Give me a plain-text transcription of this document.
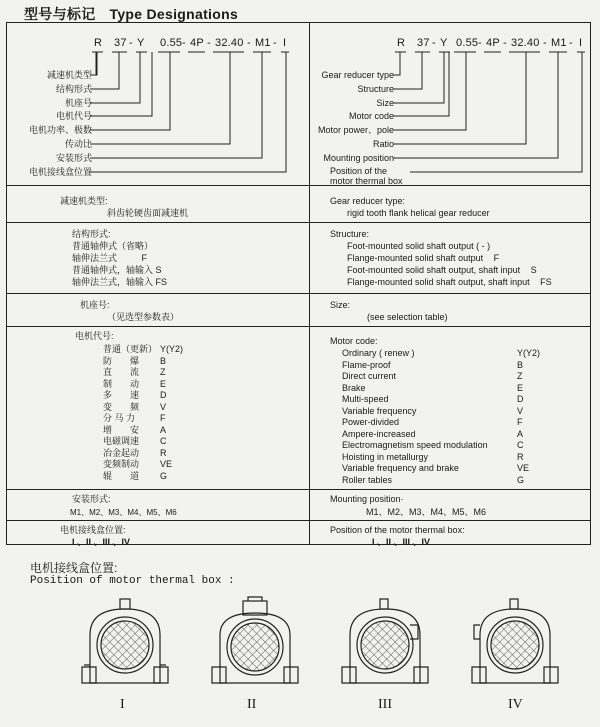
型号与标记 Type Designations
R 37 - Y 0.55 - 4P - 32.40 - M1 - I	R 37 - Y 0.55 - 4P - 32.40 - M1 - I
减速机类型
结构形式
机座号
电机代号
电机功率、极数
传动比
安装形式
电机接线盒位置
Gear reducer type
Structure
Size
Motor code
Motor power、pole
Ratio
Mounting position
Position of the
motor thermal box
减速机类型:
斜齿轮硬齿面减速机
Gear reducer type:
rigid tooth flank helical gear reducer
结构形式:
普通轴伸式（省略）
轴伸法兰式	F
普通轴伸式，轴输入 S
轴伸法兰式，轴输入 FS
Structure:
Foot-mounted solid shaft output ( - )
Flange-mounted solid shaft output F
Foot-mounted solid shaft output, shaft input S
Flange-mounted solid shaft output, shaft input FS
机座号:
（见选型参数表）
Size:
(see selection table)
电机代号:
普通（更新） Y(Y2)
防　　爆 B
直　　流 Z
制　　动 E
多　　速 D
变　　频 V
分 马 力	F
增　　安 A
电磁调速 C
冶金起动 R
变频制动 VE
辊　　道 G
Motor code:
Ordinary ( renew )	Y(Y2)
Flame-proof	B
Direct current	Z
Brake	E
Multi-speed	D
Variable frequency	V
Power-divided	F
Ampere-increased	A
Electromagnetism speed modulation	C
Hoisting in metallurgy	R
Variable frequency and brake	VE
Roller tables	G
安装形式:
M1、M2、M3、M4、M5、M6
Mounting position·
M1、M2、M3、M4、M5、M6
电机接线盒位置:
I 、II 、III 、IV
Position of the motor thermal box:
I 、II 、III 、IV
电机接线盒位置:
Position of motor thermal box :
I	II	III	IV
